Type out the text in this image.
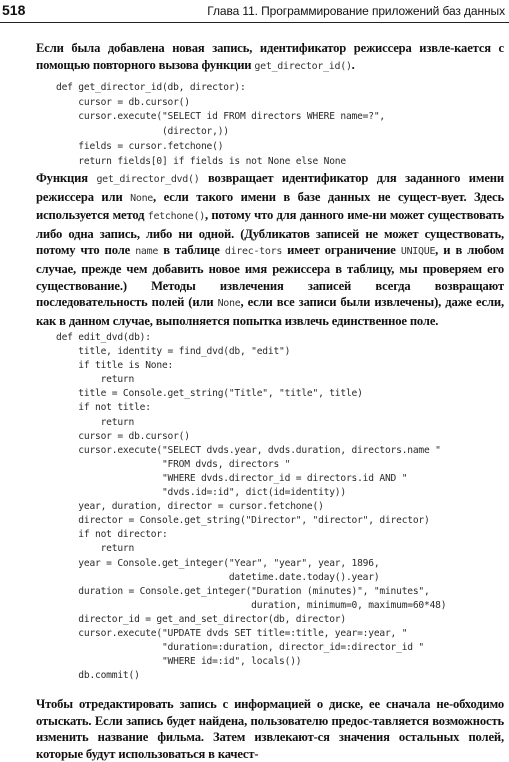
518	Глава 11. Программирование приложений баз данных

Если была добавлена новая запись, идентификатор режиссера извле-кается с помощью повторного вызова функции get_director_id().

def get_director_id(db, director):
cursor = db.cursor()
cursor.execute("SELECT id FROM directors WHERE name=?",
(director,))
fields = cursor.fetchone()
return fields[0] if fields is not None else None

Функция get_director_dvd() возвращает идентификатор для заданного имени режиссера или None, если такого имени в базе данных не сущест-вует. Здесь используется метод fetchone(), потому что для данного име-ни может существовать либо одна запись, либо ни одной. (Дубликатов записей не может существовать, потому что поле name в таблице direc-tors имеет ограничение UNIQUE, и в любом случае, прежде чем добавить новое имя режиссера в таблицу, мы проверяем его существование.) Методы извлечения записей всегда возвращают последовательность полей (или None, если все записи были извлечены), даже если, как в данном случае, выполняется попытка извлечь единственное поле.

def edit_dvd(db):
title, identity = find_dvd(db, "edit")
if title is None:
return
title = Console.get_string("Title", "title", title)
if not title:
return
cursor = db.cursor()
cursor.execute("SELECT dvds.year, dvds.duration, directors.name "
"FROM dvds, directors "
"WHERE dvds.director_id = directors.id AND "
"dvds.id=:id", dict(id=identity))
year, duration, director = cursor.fetchone()
director = Console.get_string("Director", "director", director)
if not director:
return
year = Console.get_integer("Year", "year", year, 1896,
datetime.date.today().year)
duration = Console.get_integer("Duration (minutes)", "minutes",
duration, minimum=0, maximum=60*48)
director_id = get_and_set_director(db, director)
cursor.execute("UPDATE dvds SET title=:title, year=:year, "
"duration=:duration, director_id=:director_id "
"WHERE id=:id", locals())
db.commit()

Чтобы отредактировать запись с информацией о диске, ее сначала не-обходимо отыскать. Если запись будет найдена, пользователю предос-тавляется возможность изменить название фильма. Затем извлекают-ся значения остальных полей, которые будут использоваться в качест-
